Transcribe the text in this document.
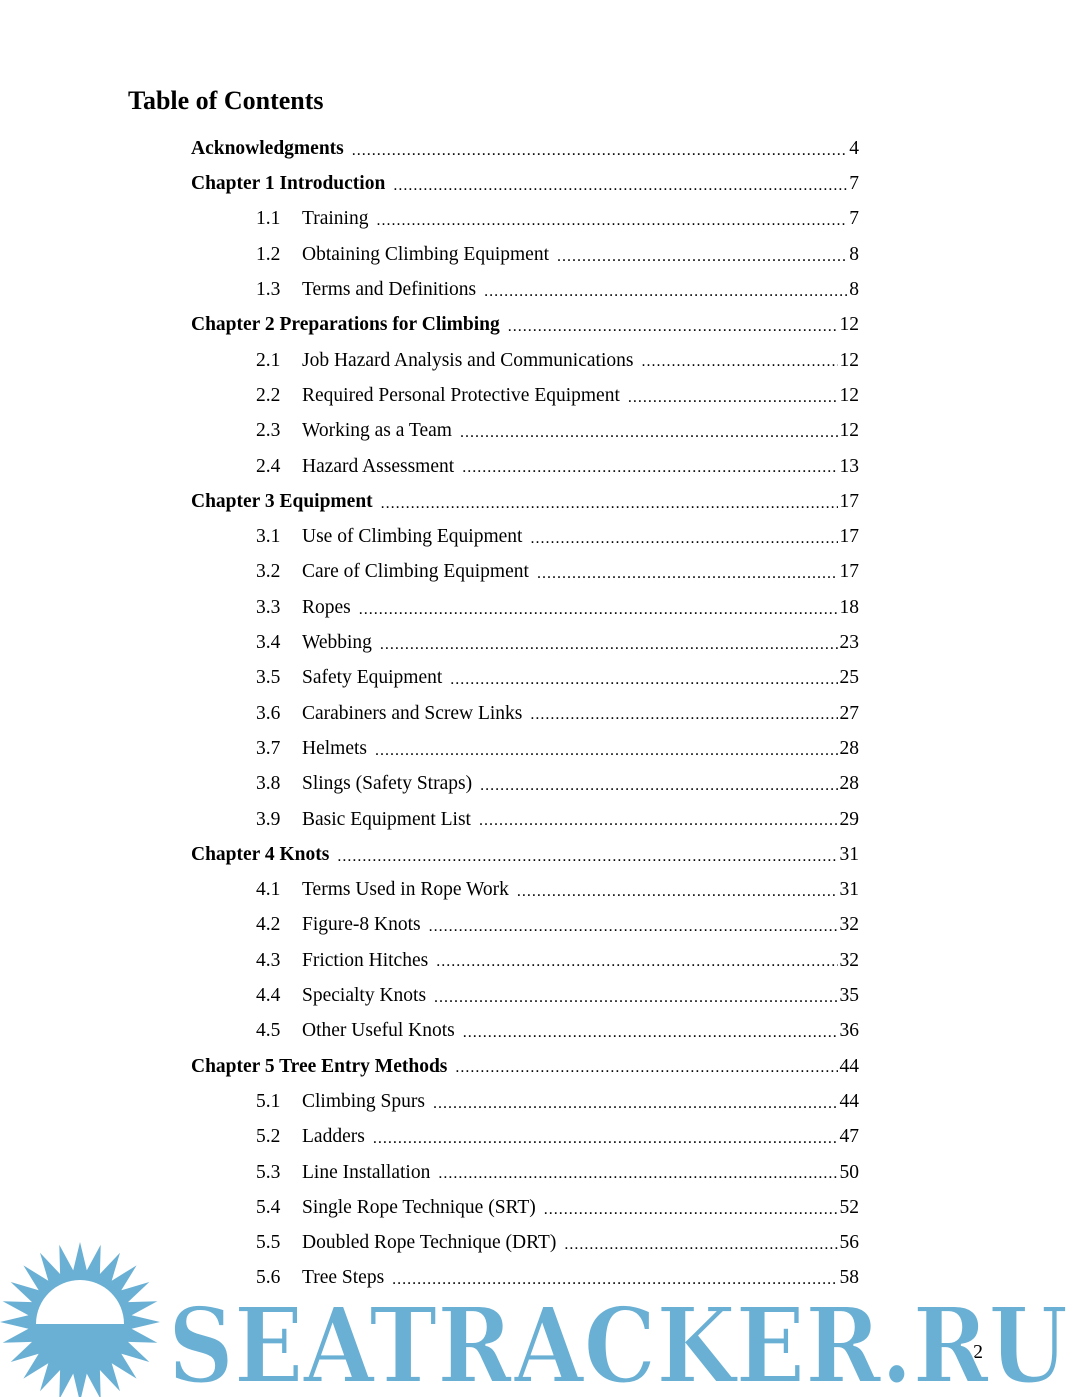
Table of Contents
Acknowledgments .....	4
Chapter 1 Introduction .....	7
1.1	Training .....	7
1.2	Obtaining Climbing Equipment .....	8
1.3	Terms and Definitions .....	8
Chapter 2 Preparations for Climbing .....	12
2.1	Job Hazard Analysis and Communications .....	12
2.2	Required Personal Protective Equipment .....	12
2.3	Working as a Team .....	12
2.4	Hazard Assessment .....	13
Chapter 3 Equipment .....	17
3.1	Use of Climbing Equipment .....	17
3.2	Care of Climbing Equipment .....	17
3.3	Ropes .....	18
3.4	Webbing .....	23
3.5	Safety Equipment .....	25
3.6	Carabiners and Screw Links .....	27
3.7	Helmets .....	28
3.8	Slings (Safety Straps) .....	28
3.9	Basic Equipment List .....	29
Chapter 4 Knots .....	31
4.1	Terms Used in Rope Work .....	31
4.2	Figure-8 Knots .....	32
4.3	Friction Hitches .....	32
4.4	Specialty Knots .....	35
4.5	Other Useful Knots .....	36
Chapter 5 Tree Entry Methods .....	44
5.1	Climbing Spurs .....	44
5.2	Ladders .....	47
5.3	Line Installation .....	50
5.4	Single Rope Technique (SRT) .....	52
5.5	Doubled Rope Technique (DRT) .....	56
5.6	Tree Steps .....	58
2
SEATRACKER.RU
